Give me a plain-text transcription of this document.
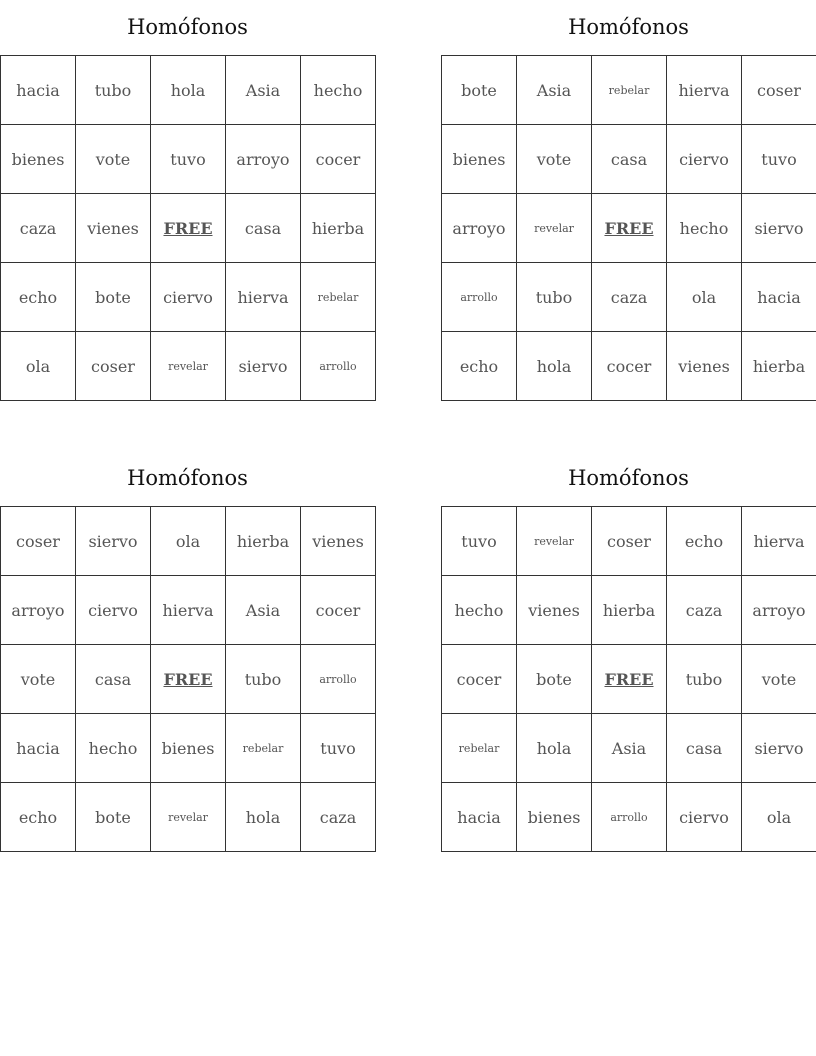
Homófonos
hacia	tubo	hola	Asia	hecho
bienes	vote	tuvo	arroyo	cocer
caza	vienes	FREE	casa	hierba
echo	bote	ciervo	hierva	rebelar
ola	coser	revelar	siervo	arrollo
Homófonos
bote	Asia	rebelar	hierva	coser
bienes	vote	casa	ciervo	tuvo
arroyo	revelar	FREE	hecho	siervo
arrollo	tubo	caza	ola	hacia
echo	hola	cocer	vienes	hierba
Homófonos
coser	siervo	ola	hierba	vienes
arroyo	ciervo	hierva	Asia	cocer
vote	casa	FREE	tubo	arrollo
hacia	hecho	bienes	rebelar	tuvo
echo	bote	revelar	hola	caza
Homófonos
tuvo	revelar	coser	echo	hierva
hecho	vienes	hierba	caza	arroyo
cocer	bote	FREE	tubo	vote
rebelar	hola	Asia	casa	siervo
hacia	bienes	arrollo	ciervo	ola
